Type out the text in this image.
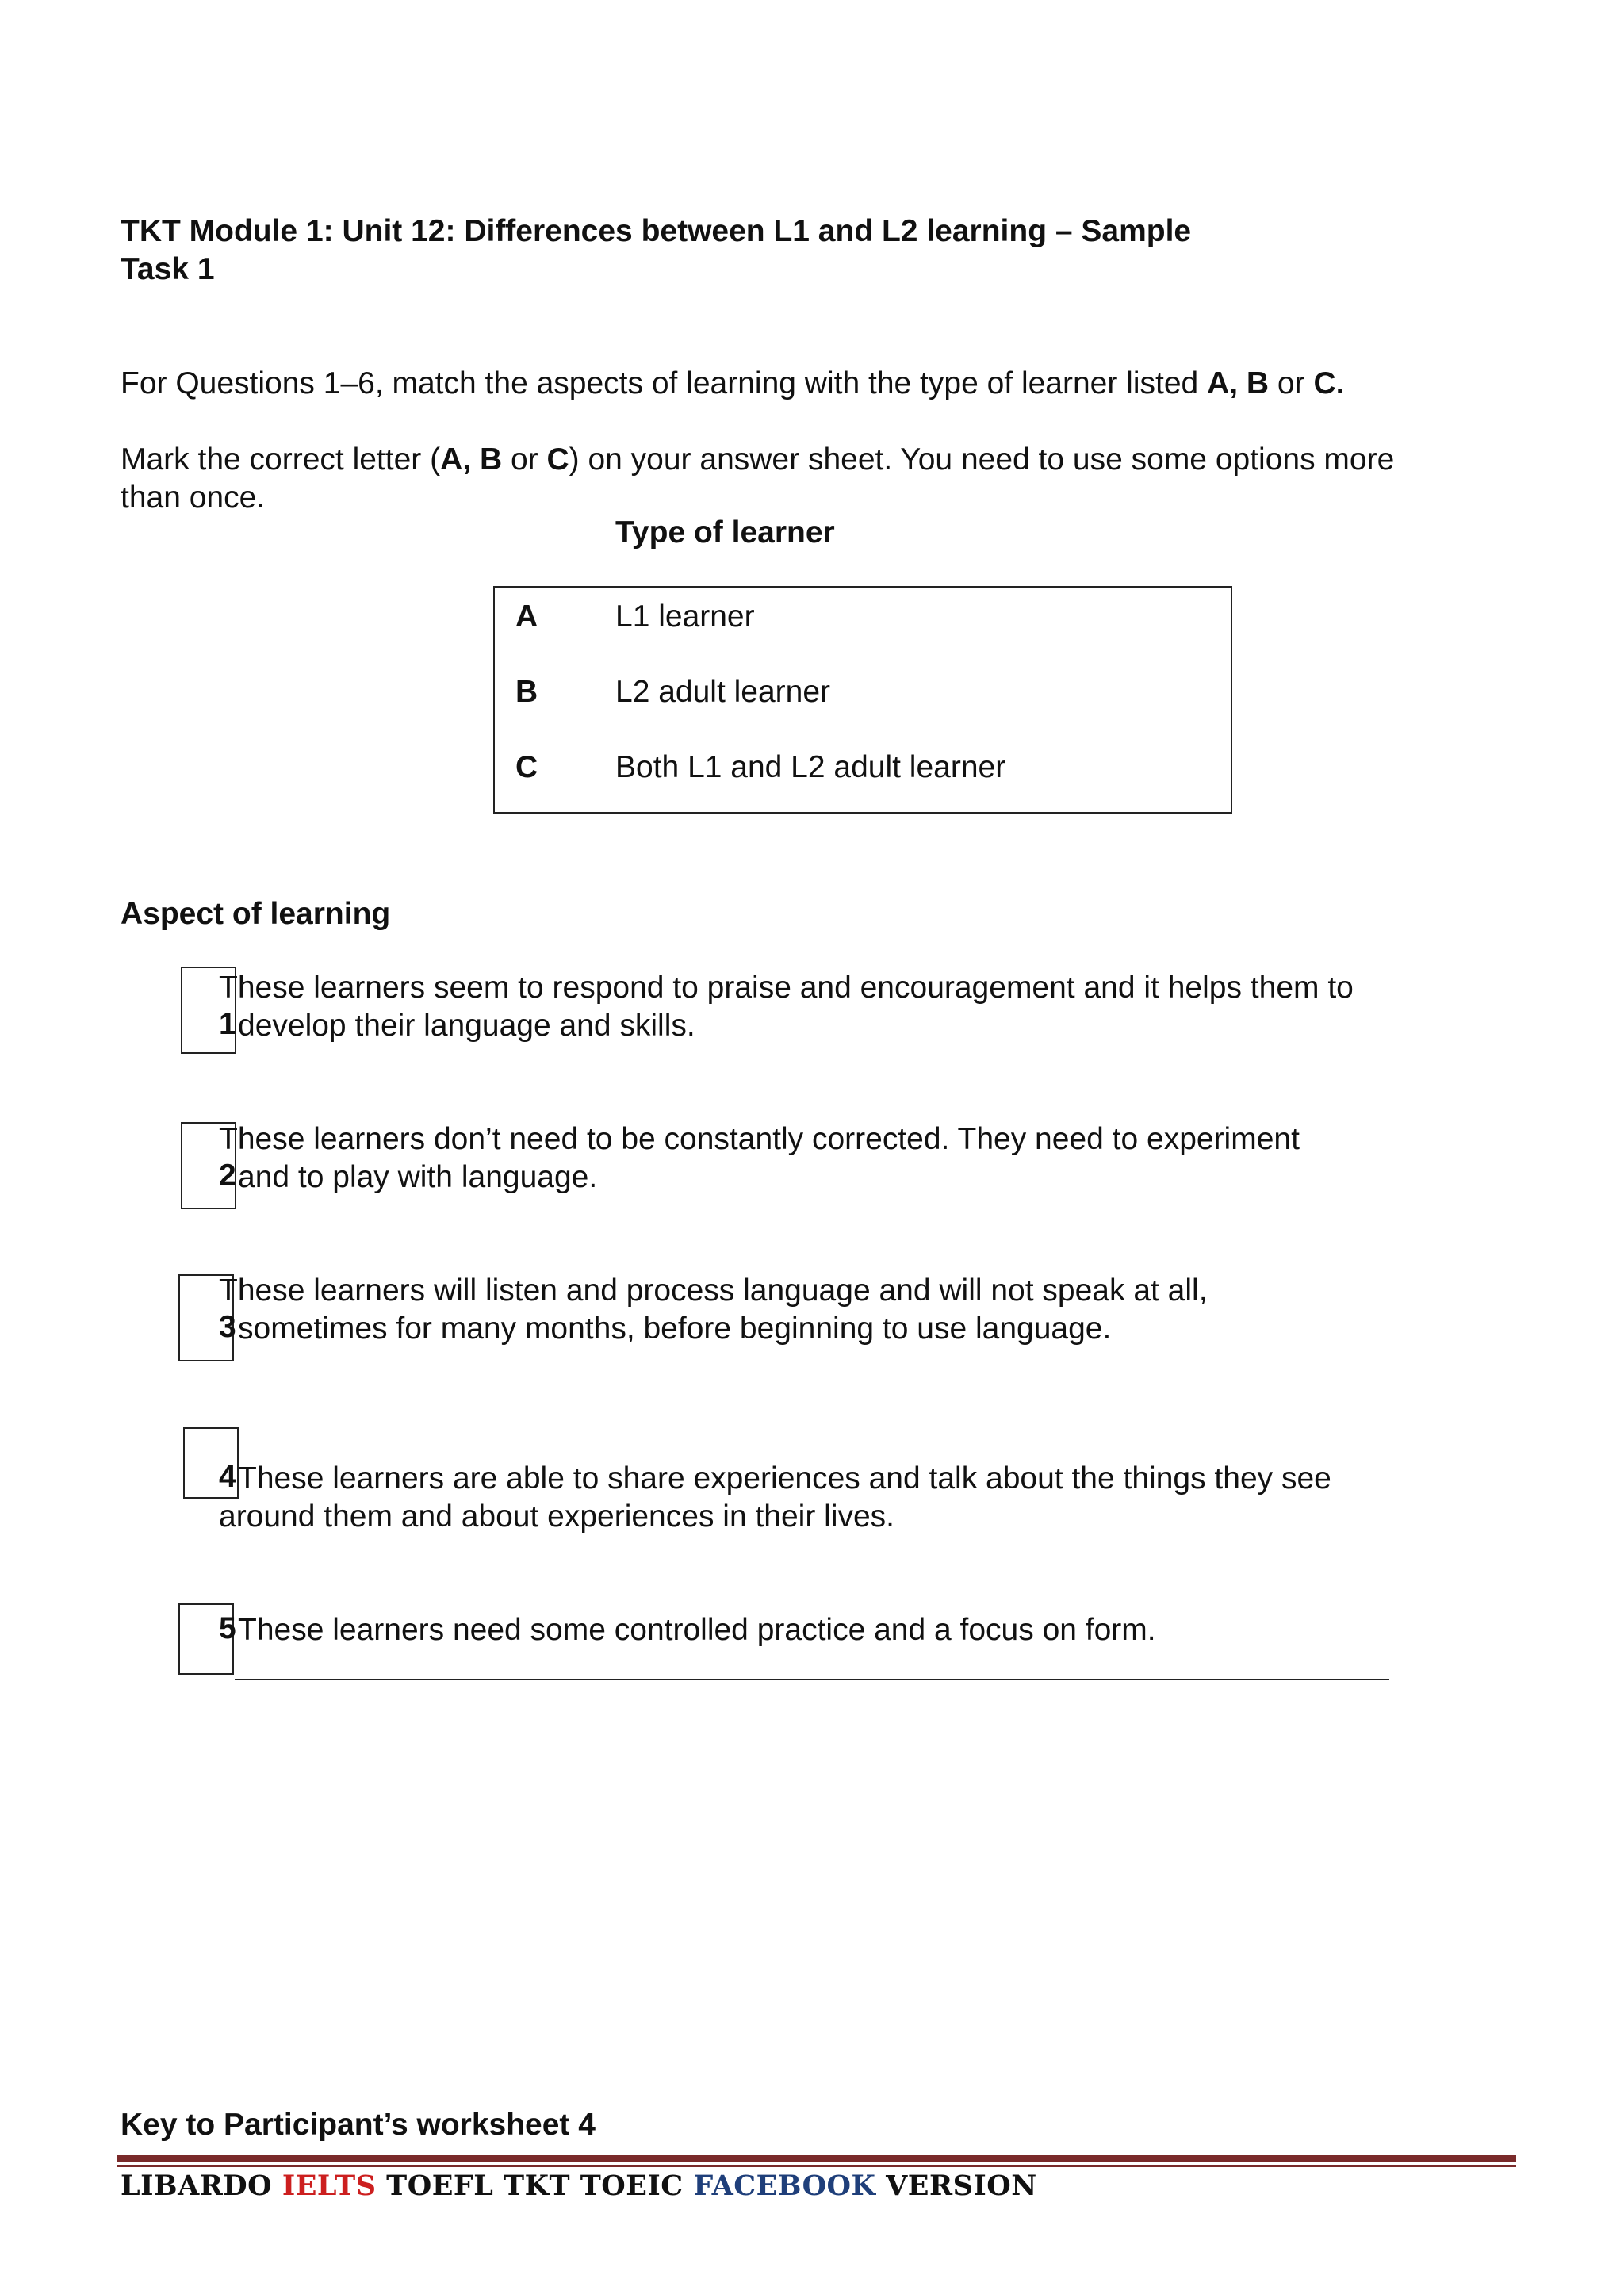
TKT Module 1: Unit 12: Differences between L1 and L2 learning – Sample
Task 1
For Questions 1–6, match the aspects of learning with the type of learner listed A, B or C.
Mark the correct letter (A, B or C) on your answer sheet. You need to use some options more
than once.
Type of learner
A	L1 learner
B	L2 adult learner
C	Both L1 and L2 adult learner
Aspect of learning
These learners seem to respond to praise and encouragement and it helps them to
1 develop their language and skills.
These learners don’t need to be constantly corrected. They need to experiment
2 and to play with language.
These learners will listen and process language and will not speak at all,
3 sometimes for many months, before beginning to use language.
4 These learners are able to share experiences and talk about the things they see
around them and about experiences in their lives.
5 These learners need some controlled practice and a focus on form.
Key to Participant’s worksheet 4
LIBARDO IELTS TOEFL TKT TOEIC FACEBOOK VERSION
